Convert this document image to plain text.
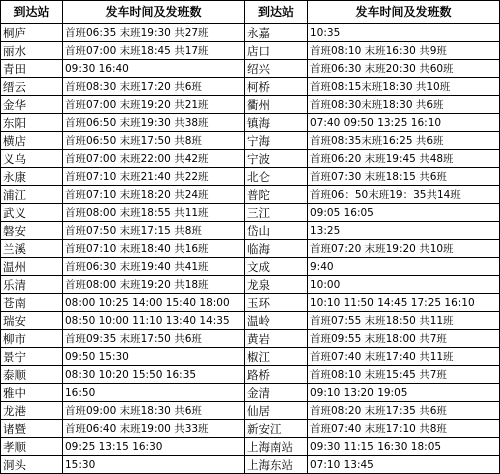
到达站	发车时间及发班数	到达站	发车时间及发班数
桐庐	首班06:35 末班19:30 共27班	永嘉	10:35
丽水	首班07:00 末班18:45 共17班	店口	首班08:10 末班16:30 共9班
青田	09:30 16:40	绍兴	首班06:30 末班20:30 共60班
缙云	首班08:30 末班17:20 共6班	柯桥	首班08:15末班18:30 共10班
金华	首班07:00 末班19:20 共21班	衢州	首班08:30末班18:30 共6班
东阳	首班06:50 末班19:30 共38班	镇海	07:40 09:50 13:25 16:10
横店	首班06:50 末班17:50 共8班	宁海	首班08:35末班16:25 共6班
义乌	首班07:00 末班22:00 共42班	宁波	首班06:20 末班19:45 共48班
永康	首班07:10 末班21:40 共22班	北仑	首班07:30 末班18:15 共6班
浦江	首班07:10 末班18:20 共24班	普陀	首班06：50末班19：35共14班
武义	首班08:00 末班18:55 共11班	三江	09:05 16:05
磐安	首班07:50 末班17:15 共8班	岱山	13:25
兰溪	首班07:10 末班18:40 共16班	临海	首班07:20 末班19:20 共10班
温州	首班06:30 末班19:40 共41班	文成	9:40
乐清	首班08:00 末班19:20 共18班	龙泉	10:00
苍南	08:00 10:25 14:00 15:40 18:00	玉环	10:10 11:50 14:45 17:25 16:10
瑞安	08:50 10:00 11:10 13:40 14:35	温岭	首班07:55 末班18:50 共11班
柳市	首班09:35 末班17:50 共6班	黄岩	首班09:55 末班18:00 共7班
景宁	09:50 15:30	椒江	首班07:40 末班17:40 共11班
泰顺	08:30 10:20 15:50 16:35	路桥	首班08:10 末班15:45 共7班
雅中	16:50	金清	09:10 13:20 19:05
龙港	首班09:00 末班18:30 共6班	仙居	首班08:20 末班17:35 共6班
诸暨	首班06:40 末班19:00 共33班	新安江	首班07:40 末班17:10 共8班
孝顺	09:25 13:15 16:30	上海南站	09:30 11:15 16:30 18:05
洞头	15:30	上海东站	07:10 13:45
